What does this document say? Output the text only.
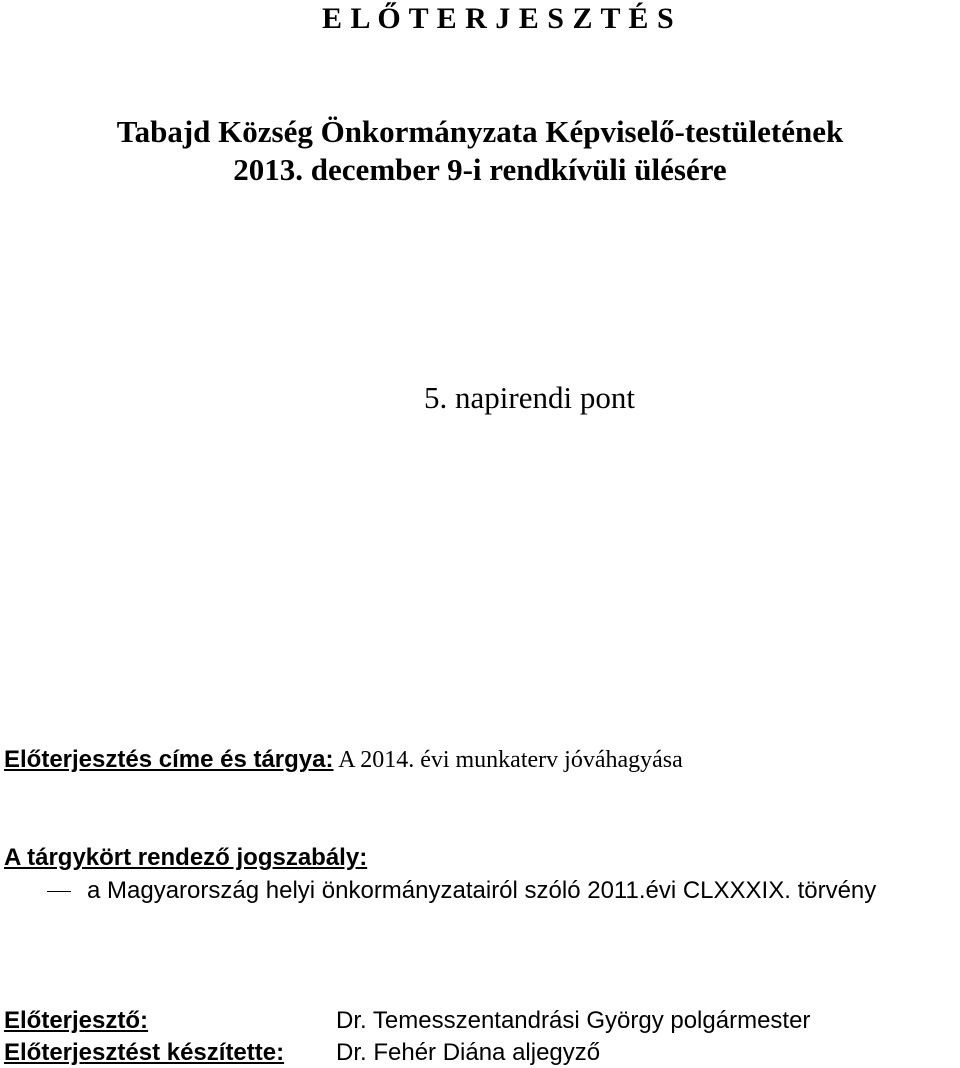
E L Ő T E R J E S Z T É S
Tabajd Község Önkormányzata Képviselő-testületének
2013. december 9-i rendkívüli ülésére
5. napirendi pont
Előterjesztés címe és tárgya: A 2014. évi munkaterv jóváhagyása
A tárgykört rendező jogszabály:
a Magyarország helyi önkormányzatairól szóló 2011.évi CLXXXIX. törvény
Előterjesztő:	Dr. Temesszentandrási György polgármester
Előterjesztést készítette: Dr. Fehér Diána aljegyző
